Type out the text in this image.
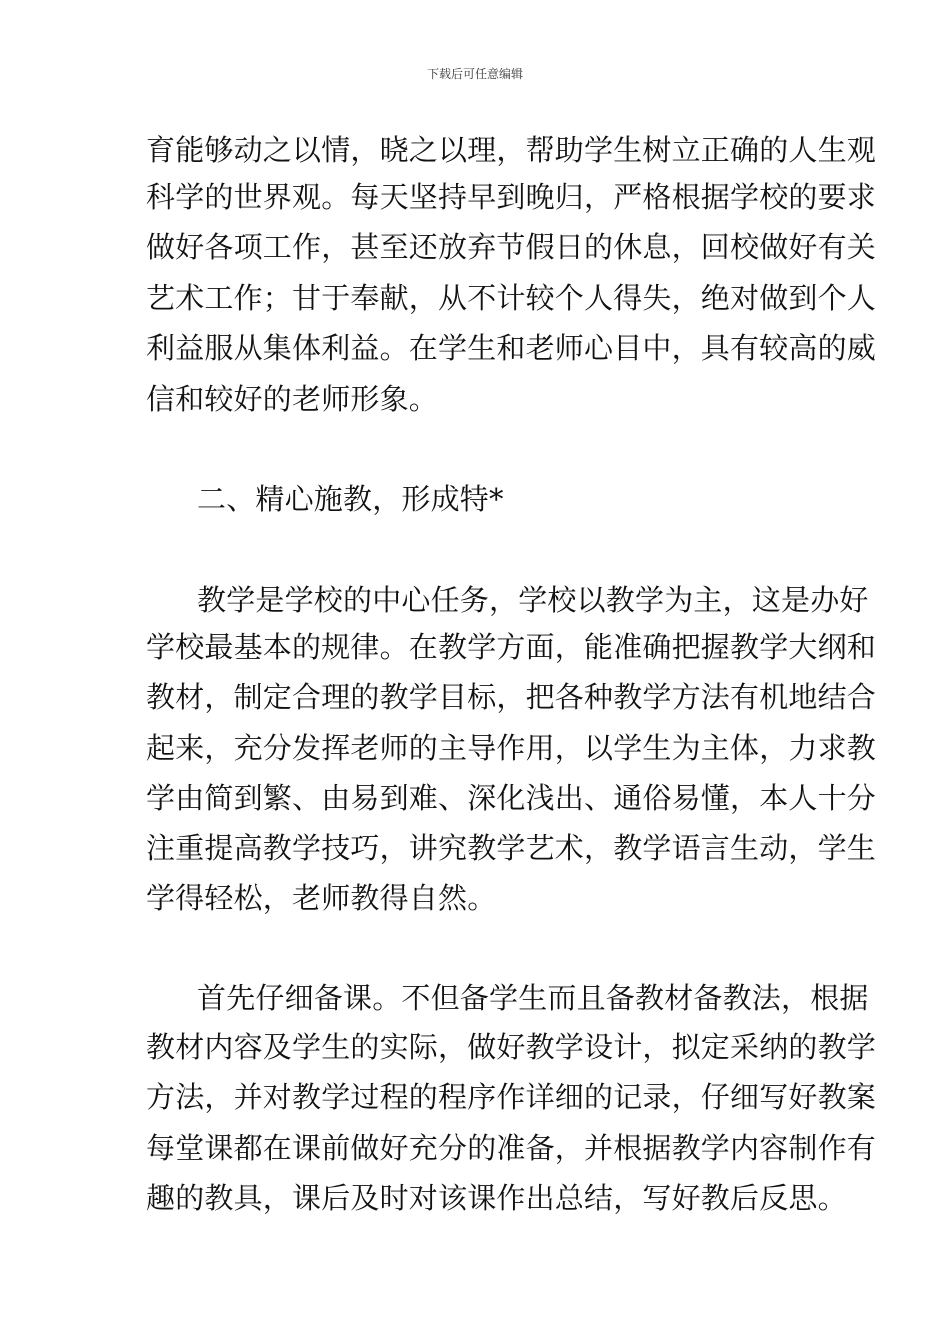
下载后可任意编辑
育能够动之以情，晓之以理，帮助学生树立正确的人生观
科学的世界观。每天坚持早到晚归，严格根据学校的要求
做好各项工作，甚至还放弃节假日的休息，回校做好有关
艺术工作；甘于奉献，从不计较个人得失，绝对做到个人
利益服从集体利益。在学生和老师心目中，具有较高的威
信和较好的老师形象。
二、精心施教，形成特*
教学是学校的中心任务，学校以教学为主，这是办好
学校最基本的规律。在教学方面，能准确把握教学大纲和
教材，制定合理的教学目标，把各种教学方法有机地结合
起来，充分发挥老师的主导作用，以学生为主体，力求教
学由简到繁、由易到难、深化浅出、通俗易懂，本人十分
注重提高教学技巧，讲究教学艺术，教学语言生动，学生
学得轻松，老师教得自然。
首先仔细备课。不但备学生而且备教材备教法，根据
教材内容及学生的实际，做好教学设计，拟定采纳的教学
方法，并对教学过程的程序作详细的记录，仔细写好教案
每堂课都在课前做好充分的准备，并根据教学内容制作有
趣的教具，课后及时对该课作出总结，写好教后反思。
